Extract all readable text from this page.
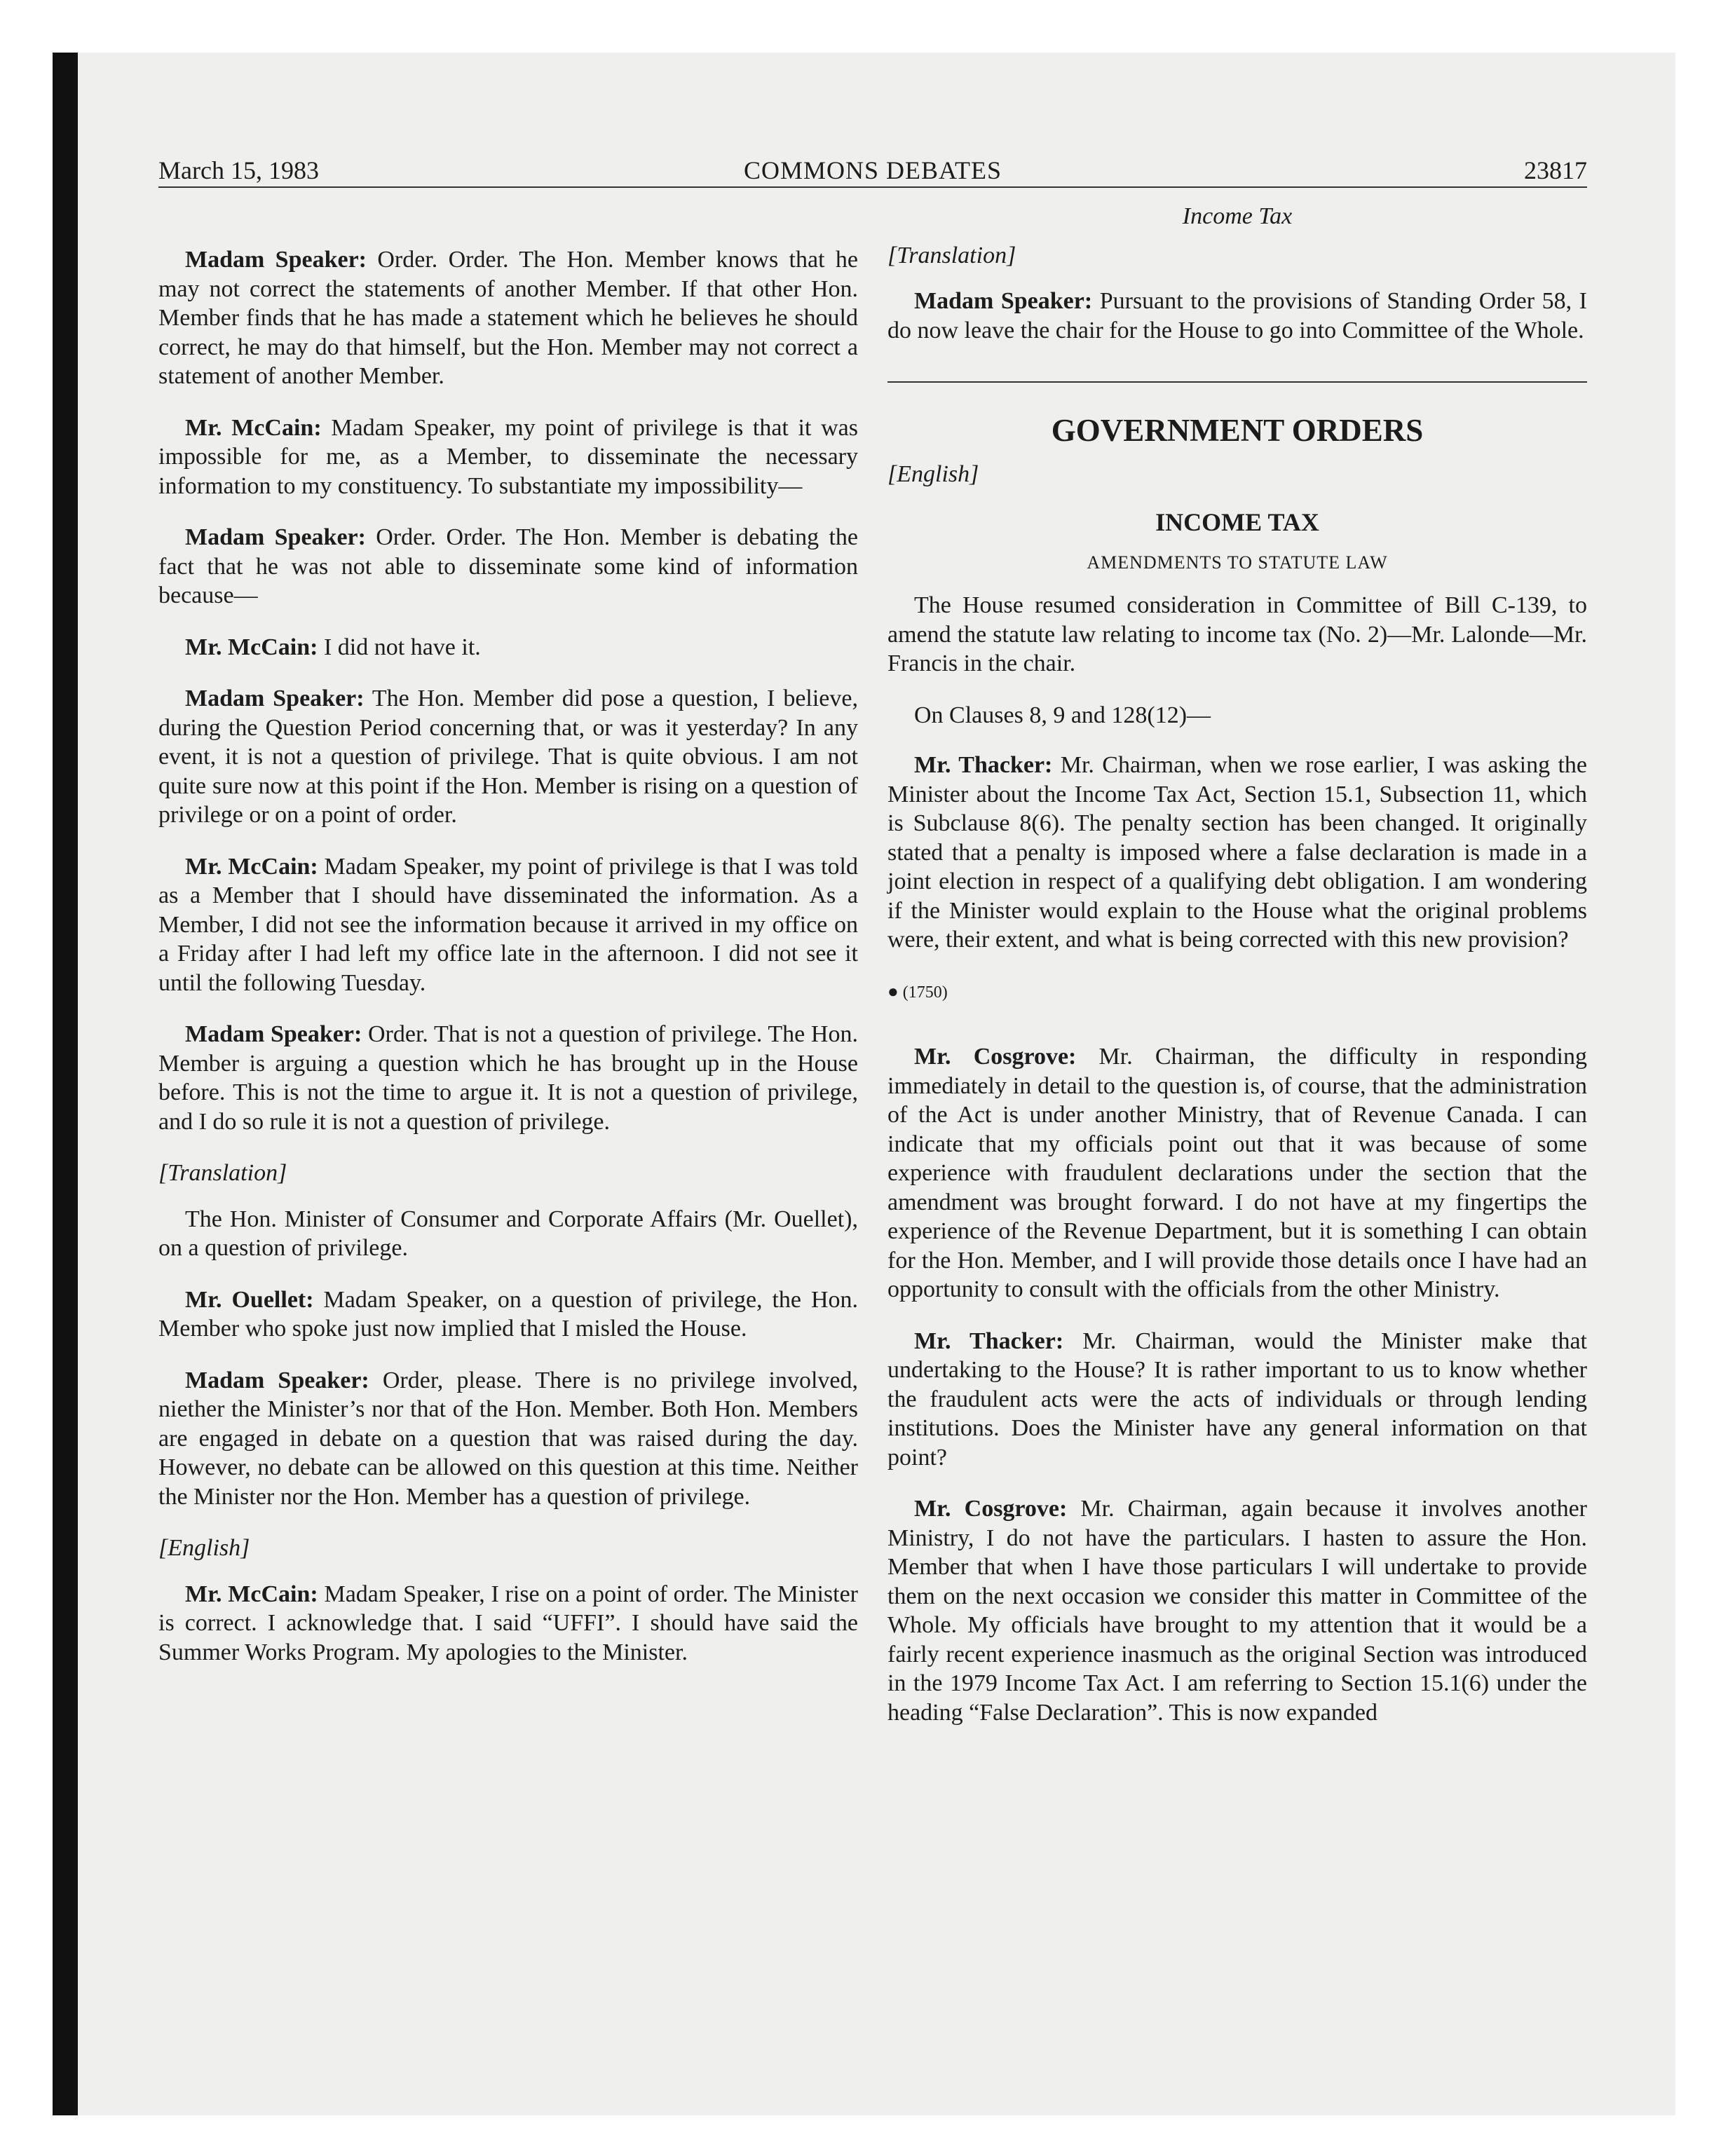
March 15, 1983	COMMONS DEBATES	23817

Madam Speaker: Order. Order. The Hon. Member knows that he may not correct the statements of another Member. If that other Hon. Member finds that he has made a statement which he believes he should correct, he may do that himself, but the Hon. Member may not correct a statement of another Member.

Mr. McCain: Madam Speaker, my point of privilege is that it was impossible for me, as a Member, to disseminate the necessary information to my constituency. To substantiate my impossibility—

Madam Speaker: Order. Order. The Hon. Member is debating the fact that he was not able to disseminate some kind of information because—

Mr. McCain: I did not have it.

Madam Speaker: The Hon. Member did pose a question, I believe, during the Question Period concerning that, or was it yesterday? In any event, it is not a question of privilege. That is quite obvious. I am not quite sure now at this point if the Hon. Member is rising on a question of privilege or on a point of order.

Mr. McCain: Madam Speaker, my point of privilege is that I was told as a Member that I should have disseminated the information. As a Member, I did not see the information because it arrived in my office on a Friday after I had left my office late in the afternoon. I did not see it until the following Tuesday.

Madam Speaker: Order. That is not a question of privilege. The Hon. Member is arguing a question which he has brought up in the House before. This is not the time to argue it. It is not a question of privilege, and I do so rule it is not a question of privilege.

[Translation]

The Hon. Minister of Consumer and Corporate Affairs (Mr. Ouellet), on a question of privilege.

Mr. Ouellet: Madam Speaker, on a question of privilege, the Hon. Member who spoke just now implied that I misled the House.

Madam Speaker: Order, please. There is no privilege involved, niether the Minister’s nor that of the Hon. Member. Both Hon. Members are engaged in debate on a question that was raised during the day. However, no debate can be allowed on this question at this time. Neither the Minister nor the Hon. Member has a question of privilege.

[English]

Mr. McCain: Madam Speaker, I rise on a point of order. The Minister is correct. I acknowledge that. I said “UFFI”. I should have said the Summer Works Program. My apologies to the Minister.

Income Tax

[Translation]

Madam Speaker: Pursuant to the provisions of Standing Order 58, I do now leave the chair for the House to go into Committee of the Whole.

GOVERNMENT ORDERS

[English]

INCOME TAX

AMENDMENTS TO STATUTE LAW

The House resumed consideration in Committee of Bill C-139, to amend the statute law relating to income tax (No. 2)—Mr. Lalonde—Mr. Francis in the chair.

On Clauses 8, 9 and 128(12)—

Mr. Thacker: Mr. Chairman, when we rose earlier, I was asking the Minister about the Income Tax Act, Section 15.1, Subsection 11, which is Subclause 8(6). The penalty section has been changed. It originally stated that a penalty is imposed where a false declaration is made in a joint election in respect of a qualifying debt obligation. I am wondering if the Minister would explain to the House what the original problems were, their extent, and what is being corrected with this new provision?

● (1750)

Mr. Cosgrove: Mr. Chairman, the difficulty in responding immediately in detail to the question is, of course, that the administration of the Act is under another Ministry, that of Revenue Canada. I can indicate that my officials point out that it was because of some experience with fraudulent declarations under the section that the amendment was brought forward. I do not have at my fingertips the experience of the Revenue Department, but it is something I can obtain for the Hon. Member, and I will provide those details once I have had an opportunity to consult with the officials from the other Ministry.

Mr. Thacker: Mr. Chairman, would the Minister make that undertaking to the House? It is rather important to us to know whether the fraudulent acts were the acts of individuals or through lending institutions. Does the Minister have any general information on that point?

Mr. Cosgrove: Mr. Chairman, again because it involves another Ministry, I do not have the particulars. I hasten to assure the Hon. Member that when I have those particulars I will undertake to provide them on the next occasion we consider this matter in Committee of the Whole. My officials have brought to my attention that it would be a fairly recent experience inasmuch as the original Section was introduced in the 1979 Income Tax Act. I am referring to Section 15.1(6) under the heading “False Declaration”. This is now expanded
